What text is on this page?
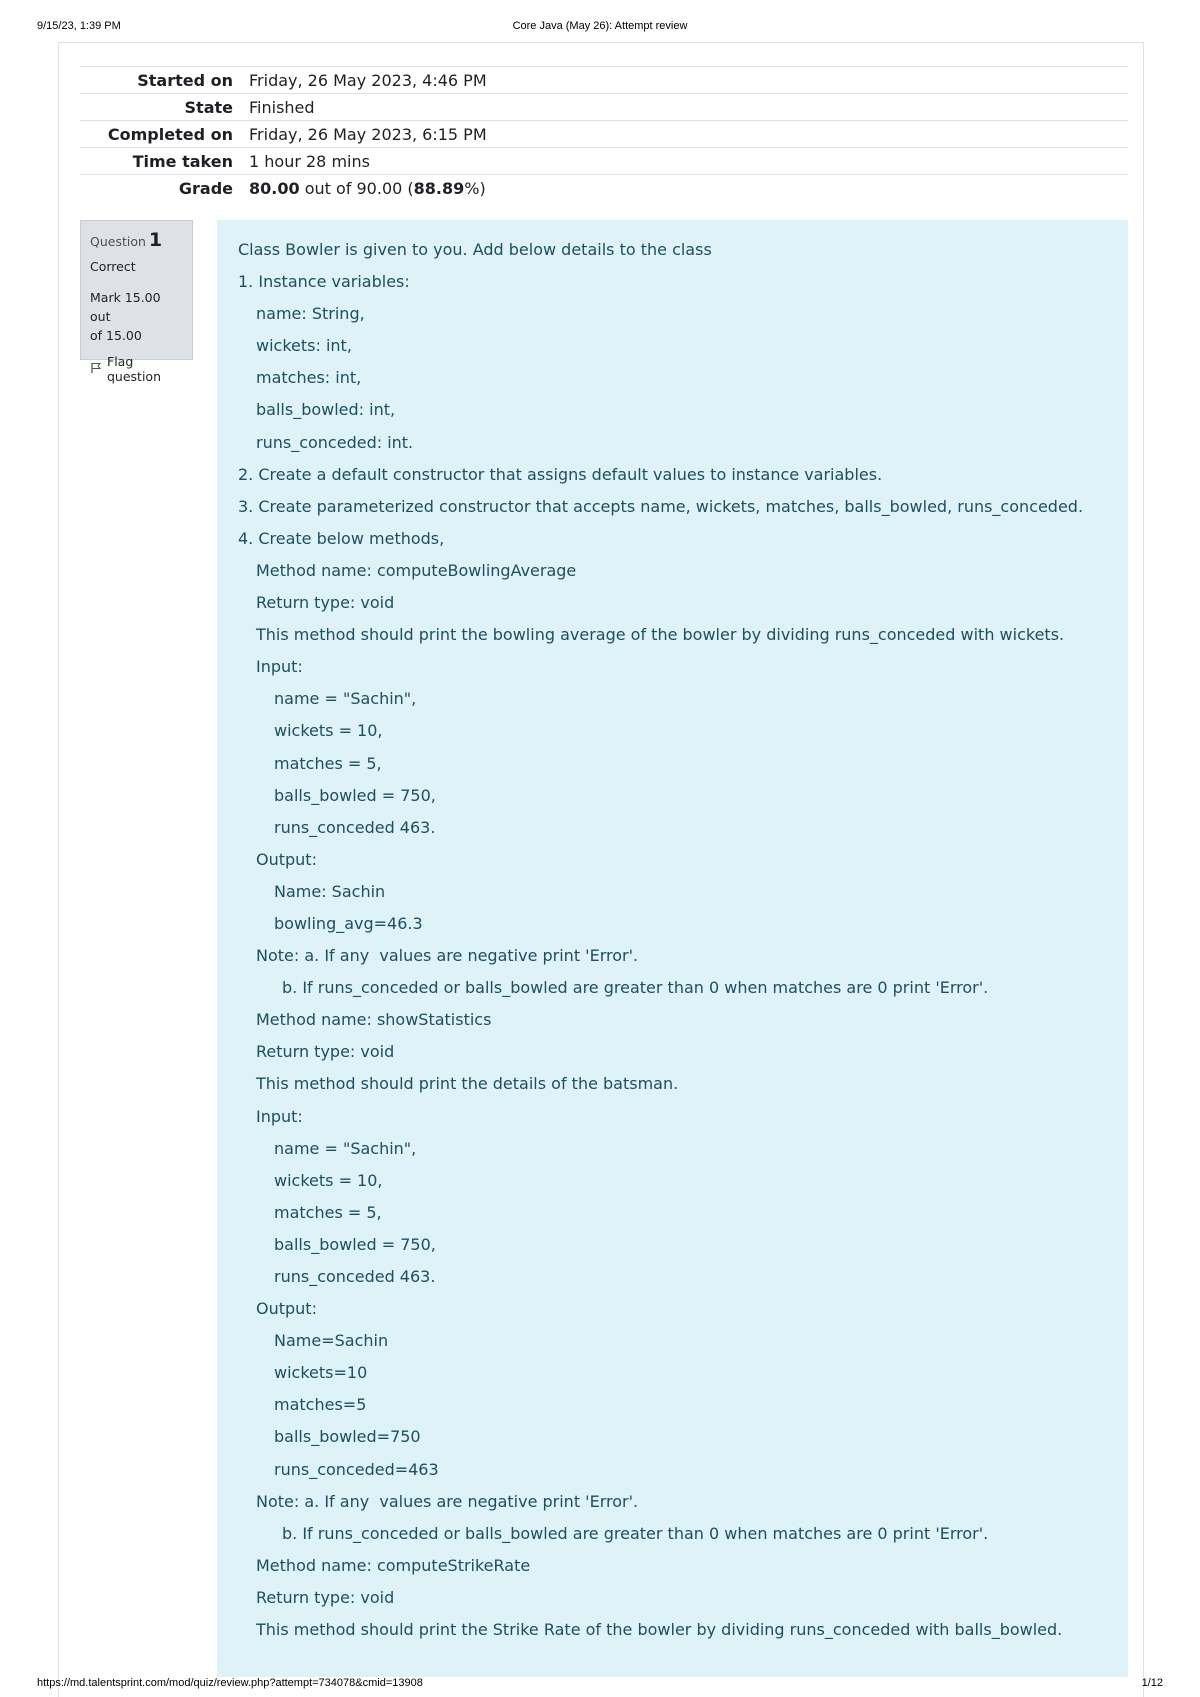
9/15/23, 1:39 PM	Core Java (May 26): Attempt review
Started on	Friday, 26 May 2023, 4:46 PM
State	Finished
Completed on	Friday, 26 May 2023, 6:15 PM
Time taken	1 hour 28 mins
Grade	80.00 out of 90.00 (88.89%)
Question 1
Correct
Mark 15.00 out
of 15.00
Flag question

Class Bowler is given to you. Add below details to the class

1. Instance variables:

name: String,

wickets: int,

matches: int,

balls_bowled: int,

runs_conceded: int.

2. Create a default constructor that assigns default values to instance variables.

3. Create parameterized constructor that accepts name, wickets, matches, balls_bowled, runs_conceded.

4. Create below methods,

Method name: computeBowlingAverage

Return type: void

This method should print the bowling average of the bowler by dividing runs_conceded with wickets.

Input:

name = "Sachin",

wickets = 10,

matches = 5,

balls_bowled = 750,

runs_conceded 463.

Output:

Name: Sachin

bowling_avg=46.3

Note: a. If any  values are negative print 'Error'.

b. If runs_conceded or balls_bowled are greater than 0 when matches are 0 print 'Error'.

Method name: showStatistics

Return type: void

This method should print the details of the batsman.

Input:

name = "Sachin",

wickets = 10,

matches = 5,

balls_bowled = 750,

runs_conceded 463.

Output:

Name=Sachin

wickets=10

matches=5

balls_bowled=750

runs_conceded=463

Note: a. If any  values are negative print 'Error'.

b. If runs_conceded or balls_bowled are greater than 0 when matches are 0 print 'Error'.

Method name: computeStrikeRate

Return type: void

This method should print the Strike Rate of the bowler by dividing runs_conceded with balls_bowled.

https://md.talentsprint.com/mod/quiz/review.php?attempt=734078&cmid=13908	1/12
